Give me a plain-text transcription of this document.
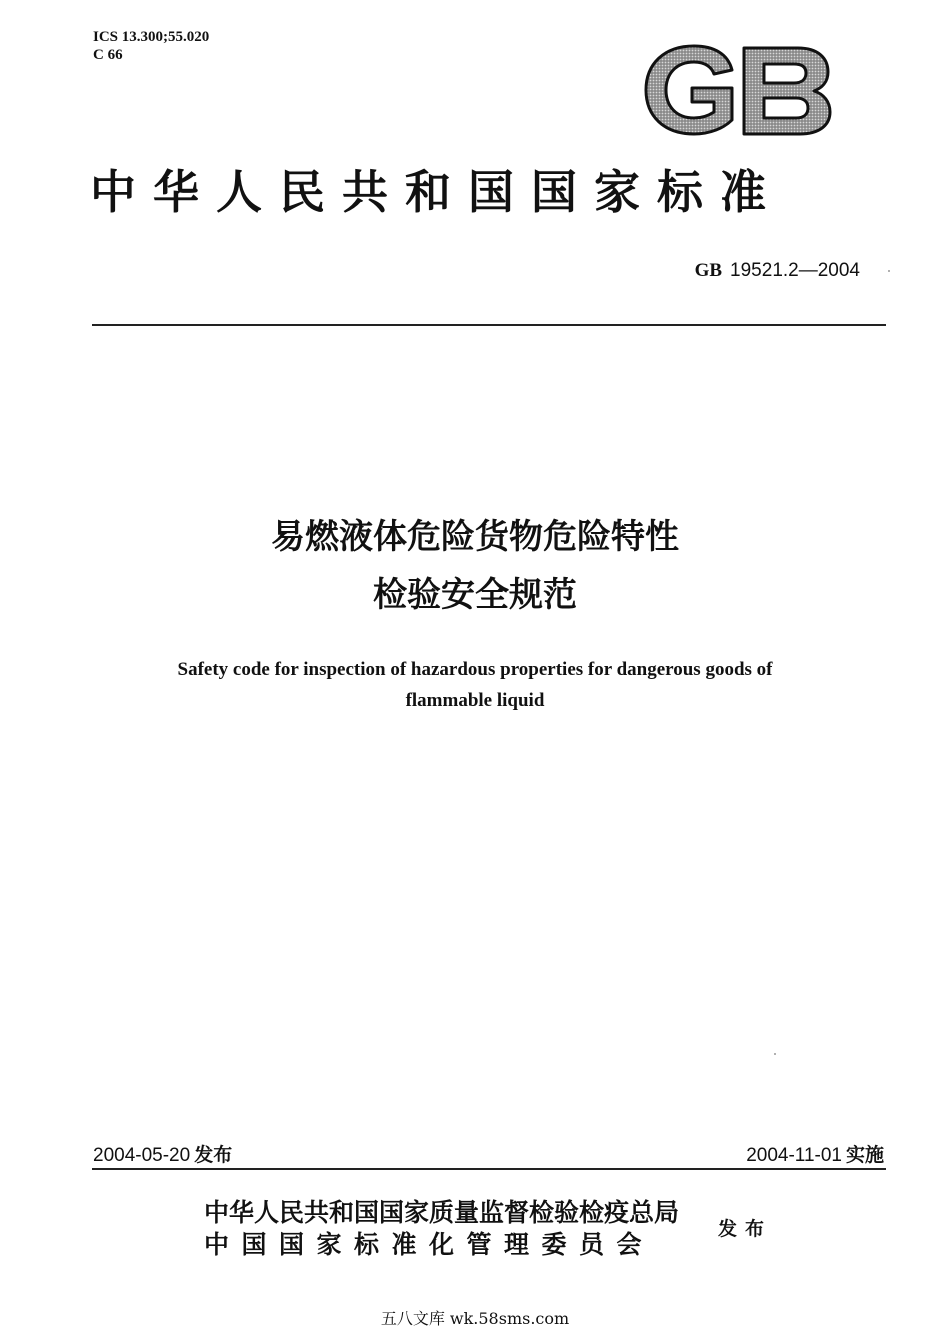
ICS 13.300;55.020
C 66
GB
中华人民共和国国家标准
GB 19521.2—2004
易燃液体危险货物危险特性
检验安全规范
Safety code for inspection of hazardous properties for dangerous goods of
flammable liquid
2004-05-20 发布	2004-11-01 实施
中华人民共和国国家质量监督检验检疫总局
中国国家标准化管理委员会
发布
五八文库 wk.58sms.com
